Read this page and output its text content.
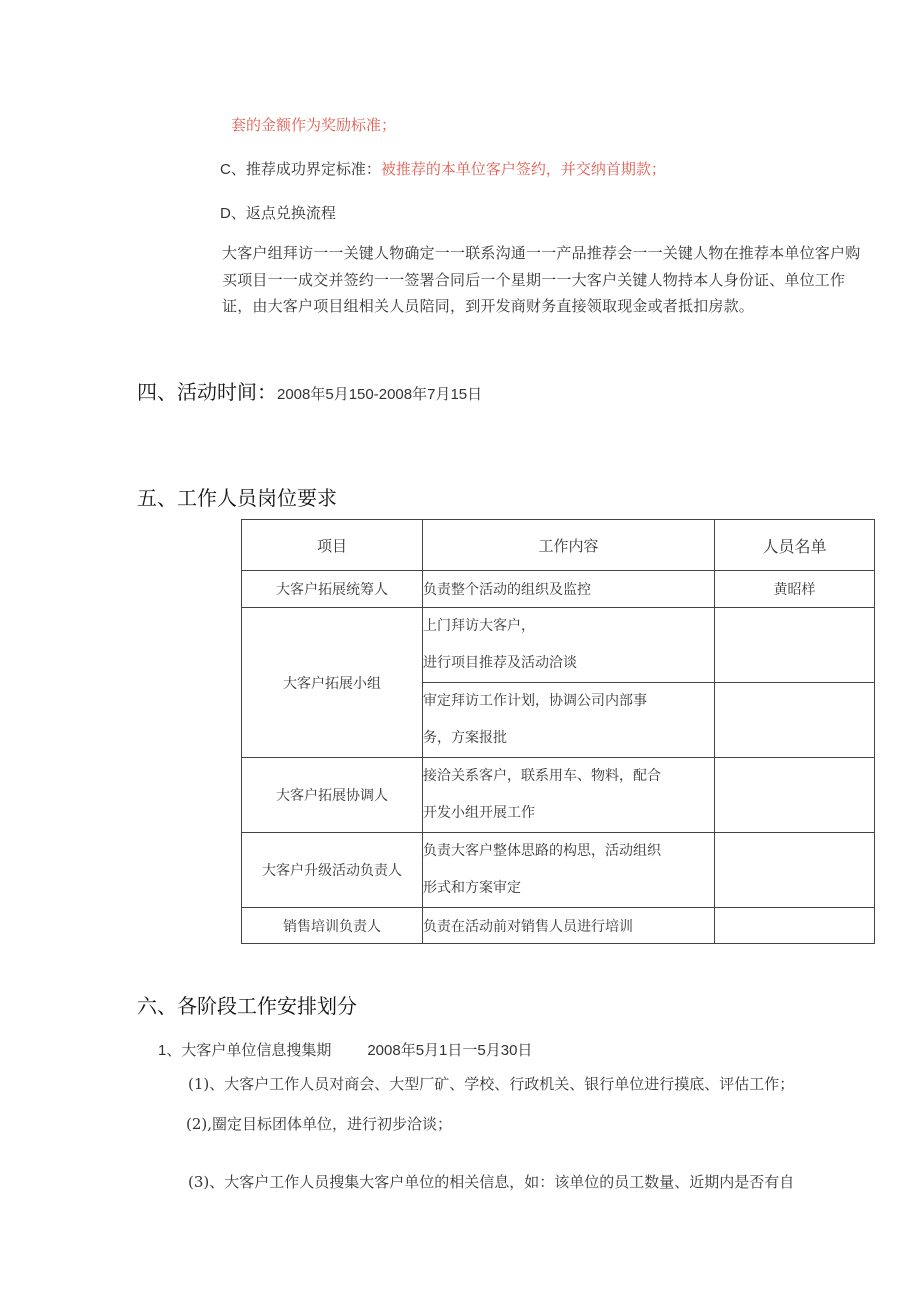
套的金额作为奖励标准；
C、推荐成功界定标准：被推荐的本单位客户签约，并交纳首期款；
D、返点兑换流程
大客户组拜访一一关键人物确定一一联系沟通一一产品推荐会一一关键人物在推荐本单位客户购买项目一一成交并签约一一签署合同后一个星期一一大客户关键人物持本人身份证、单位工作证，由大客户项目组相关人员陪同，到开发商财务直接领取现金或者抵扣房款。
四、活动时间：2008年5月150-2008年7月15日
五、工作人员岗位要求
项目	工作内容	人员名单
大客户拓展统筹人	负责整个活动的组织及监控	黄昭样
大客户拓展小组	上门拜访大客户，
进行项目推荐及活动洽谈	

	审定拜访工作计划，协调公司内部事
务，方案报批	

大客户拓展协调人	接洽关系客户，联系用车、物料，配合
开发小组开展工作	

大客户升级活动负责人	负责大客户整体思路的构思，活动组织
形式和方案审定	

销售培训负责人	负责在活动前对销售人员进行培训	
六、各阶段工作安排划分
1、大客户单位信息搜集期 2008年5月1日一5月30日
(1)、大客户工作人员对商会、大型厂矿、学校、行政机关、银行单位进行摸底、评估工作；
(2),圈定目标团体单位，进行初步洽谈；
(3)、大客户工作人员搜集大客户单位的相关信息，如：该单位的员工数量、近期内是否有自
